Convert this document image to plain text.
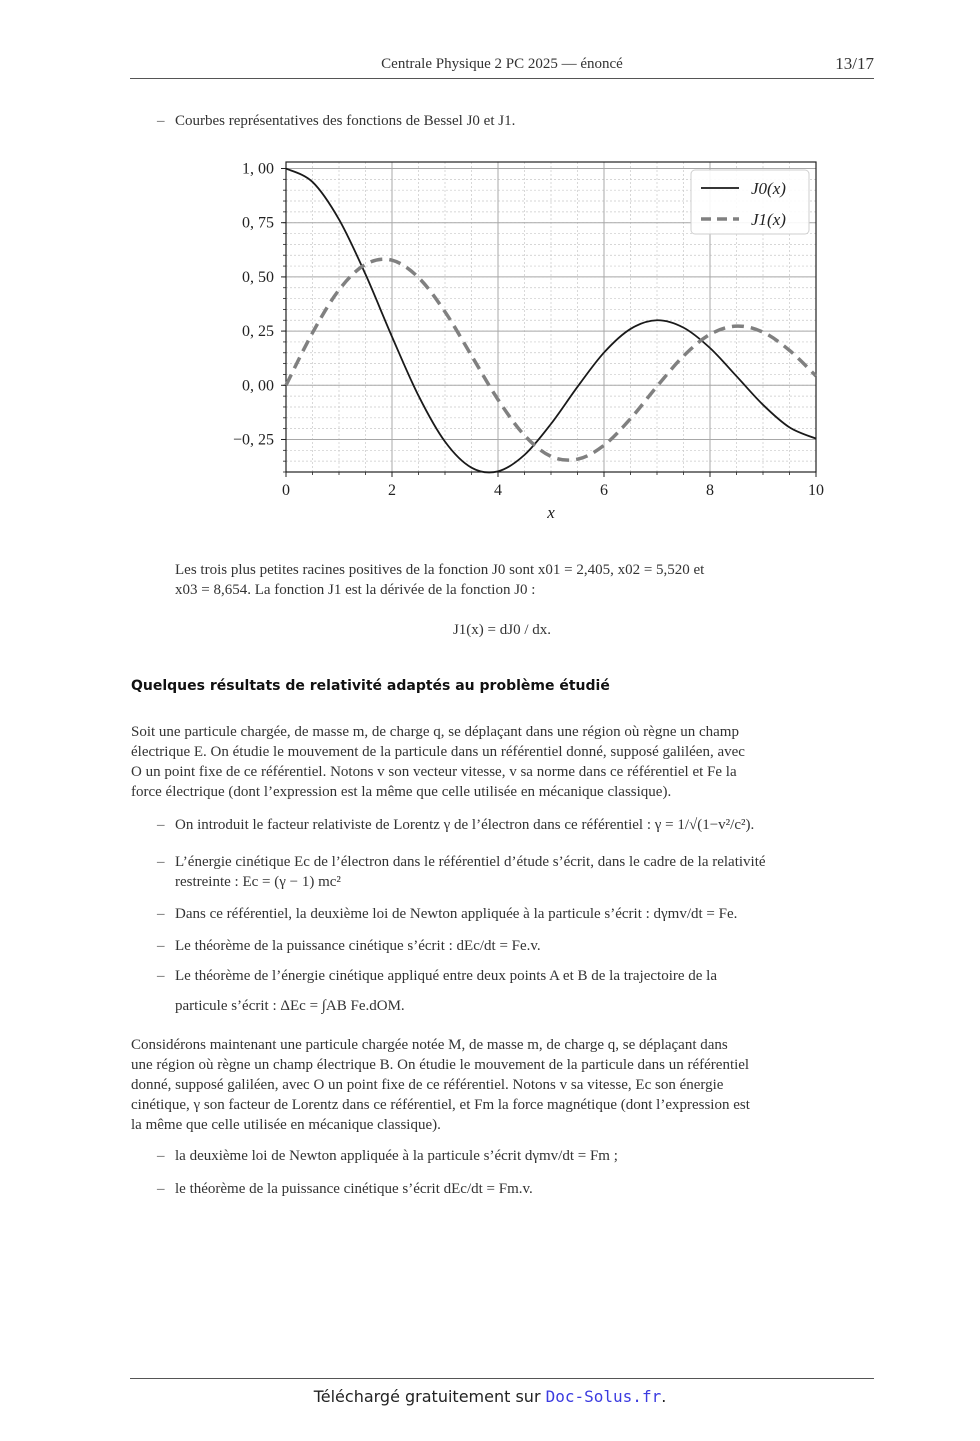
Centrale Physique 2 PC 2025 — énoncé	13/17
– Courbes représentatives des fonctions de Bessel J0 et J1.
0	2	4	6	8	10
1, 00
0, 75
0, 50
0, 25
0, 00
−0, 25
x
J0(x)
J1(x)
Les trois plus petites racines positives de la fonction J0 sont x01 = 2,405, x02 = 5,520 et
x03 = 8,654. La fonction J1 est la dérivée de la fonction J0 :
J1(x) = dJ0 / dx.
Quelques résultats de relativité adaptés au problème étudié
Soit une particule chargée, de masse m, de charge q, se déplaçant dans une région où règne un champ
électrique E. On étudie le mouvement de la particule dans un référentiel donné, supposé galiléen, avec
O un point fixe de ce référentiel. Notons v son vecteur vitesse, v sa norme dans ce référentiel et Fe la
force électrique (dont l’expression est la même que celle utilisée en mécanique classique).
– On introduit le facteur relativiste de Lorentz γ de l’électron dans ce référentiel : γ = 1/√(1−v²/c²).
– L’énergie cinétique Ec de l’électron dans le référentiel d’étude s’écrit, dans le cadre de la relativité
restreinte : Ec = (γ − 1) mc²
– Dans ce référentiel, la deuxième loi de Newton appliquée à la particule s’écrit : dγmv/dt = Fe.
– Le théorème de la puissance cinétique s’écrit : dEc/dt = Fe.v.
– Le théorème de l’énergie cinétique appliqué entre deux points A et B de la trajectoire de la
particule s’écrit : ΔEc = ∫AB Fe.dOM.
Considérons maintenant une particule chargée notée M, de masse m, de charge q, se déplaçant dans
une région où règne un champ électrique B. On étudie le mouvement de la particule dans un référentiel
donné, supposé galiléen, avec O un point fixe de ce référentiel. Notons v sa vitesse, Ec son énergie
cinétique, γ son facteur de Lorentz dans ce référentiel, et Fm la force magnétique (dont l’expression est
la même que celle utilisée en mécanique classique).
– la deuxième loi de Newton appliquée à la particule s’écrit dγmv/dt = Fm ;
– le théorème de la puissance cinétique s’écrit dEc/dt = Fm.v.
Téléchargé gratuitement sur Doc-Solus.fr.
